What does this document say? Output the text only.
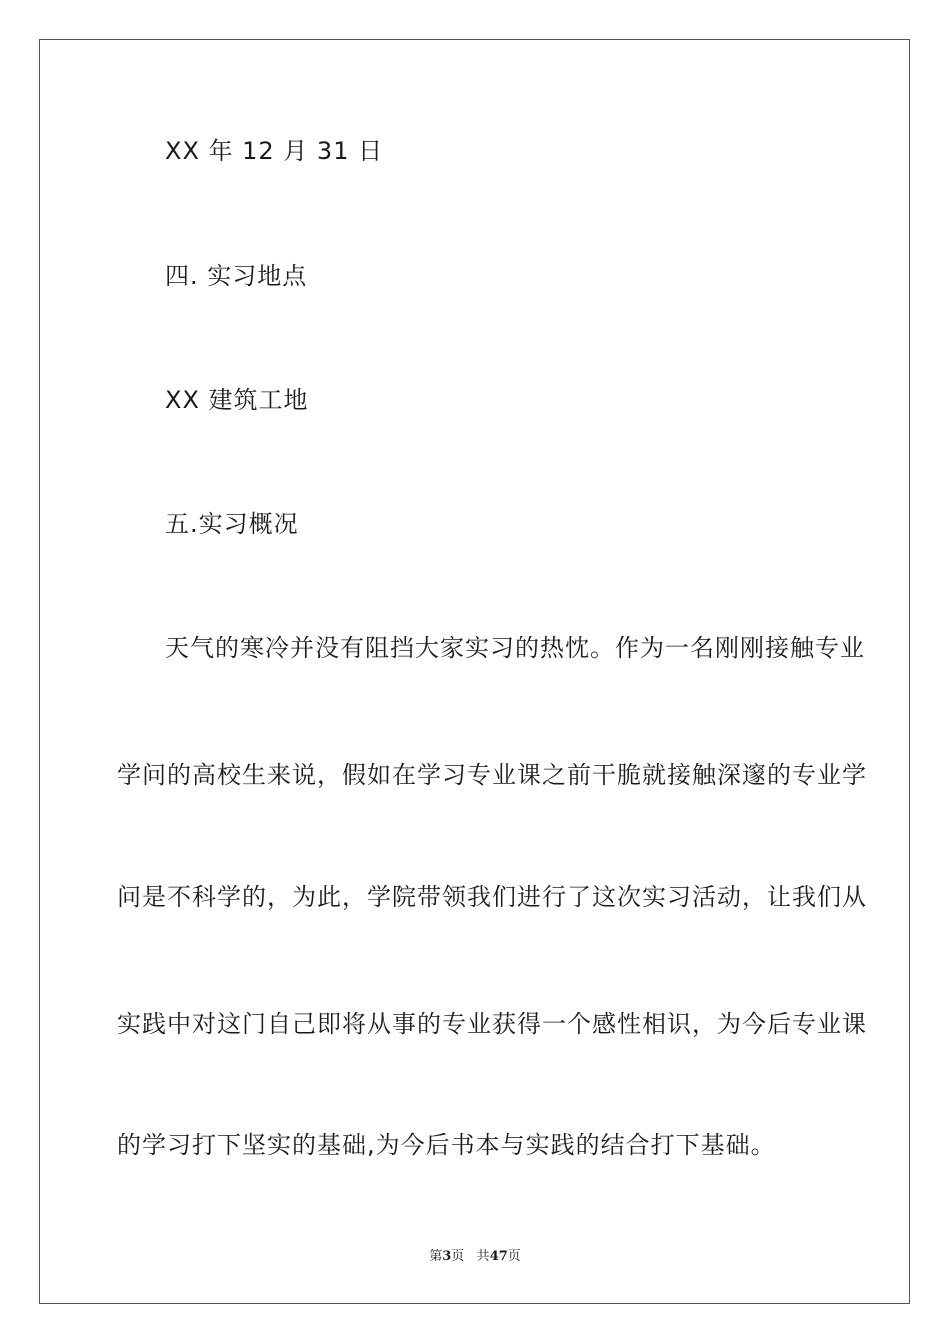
XX 年 12 月 31 日
四. 实习地点
XX 建筑工地
五.实习概况
天气的寒冷并没有阻挡大家实习的热忱。作为一名刚刚接触专业
学问的高校生来说，假如在学习专业课之前干脆就接触深邃的专业学
问是不科学的，为此，学院带领我们进行了这次实习活动，让我们从
实践中对这门自己即将从事的专业获得一个感性相识，为今后专业课
的学习打下坚实的基础,为今后书本与实践的结合打下基础。
第3页 共47页
